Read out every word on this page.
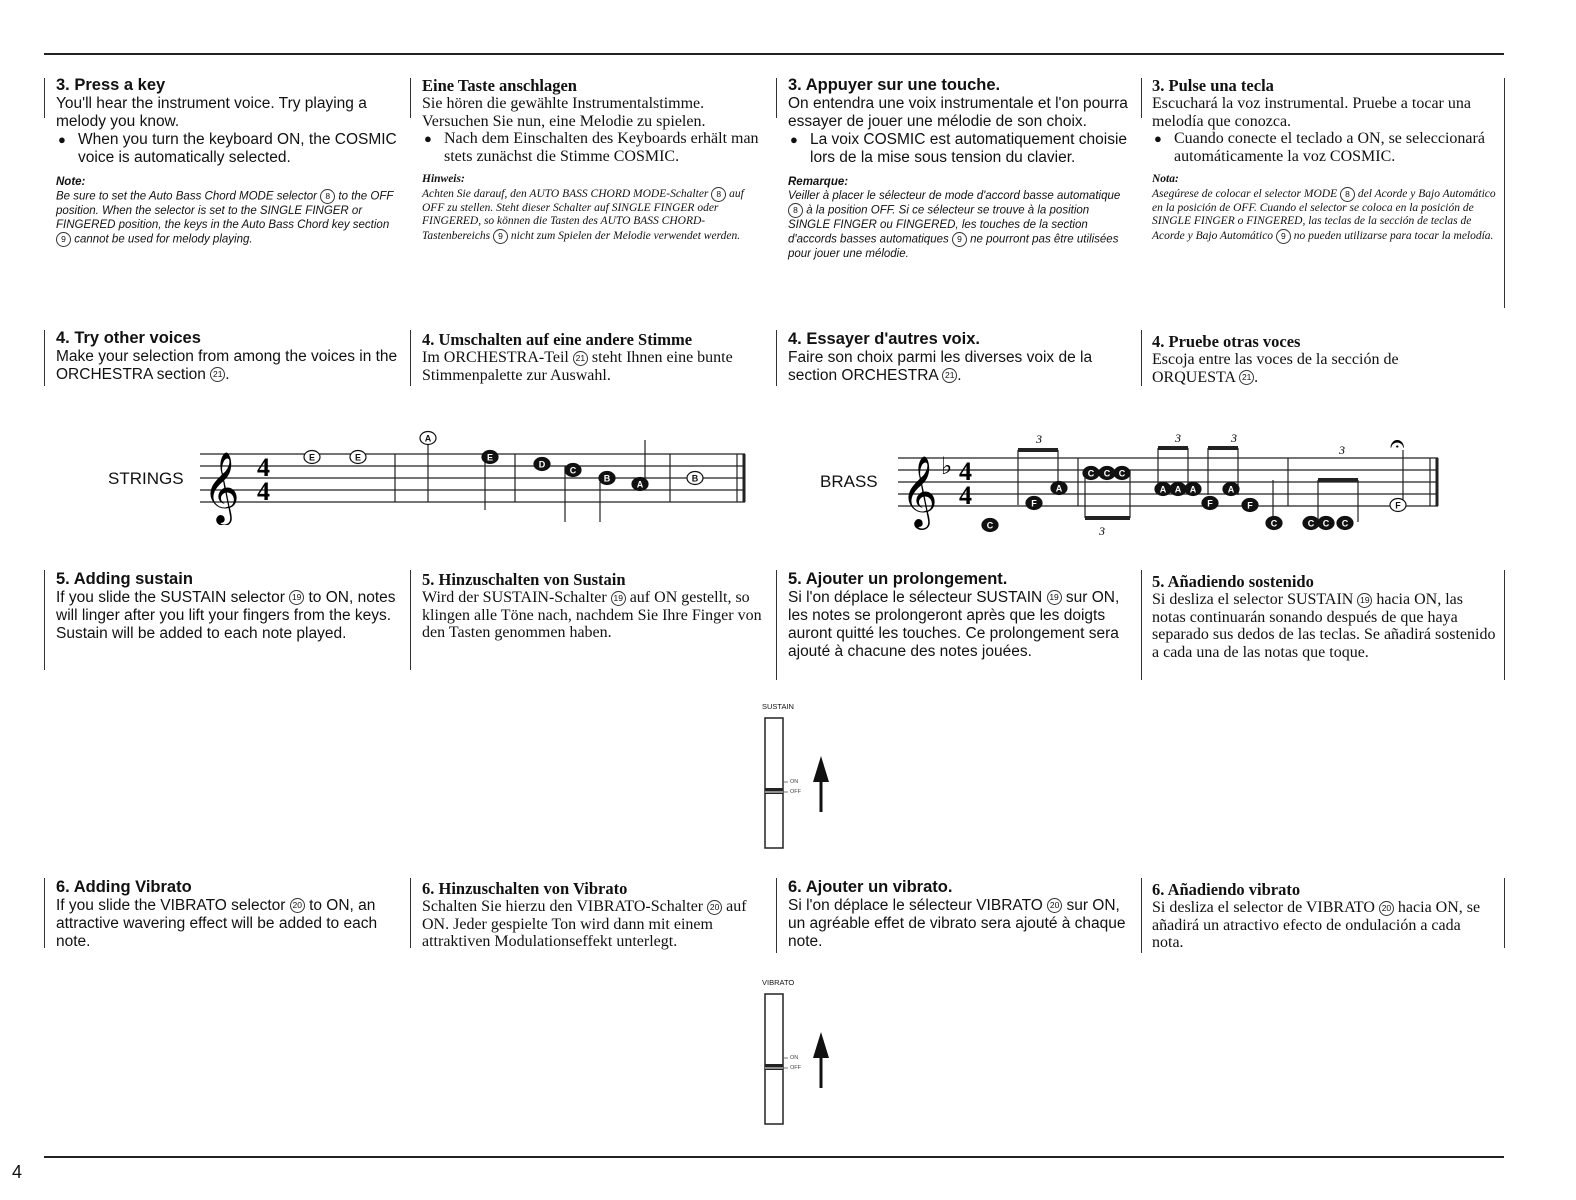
3. Press a key

You'll hear the instrument voice. Try playing a melody you know.

● When you turn the keyboard ON, the COSMIC voice is automatically selected.

Note:
Be sure to set the Auto Bass Chord MODE selector 8 to the OFF position. When the selector is set to the SINGLE FINGER or FINGERED position, the keys in the Auto Bass Chord key section 9 cannot be used for melody playing.
Eine Taste anschlagen

Sie hören die gewählte Instrumentalstimme. Versuchen Sie nun, eine Melodie zu spielen.

● Nach dem Einschalten des Keyboards erhält man stets zunächst die Stimme COSMIC.

Hinweis:
Achten Sie darauf, den AUTO BASS CHORD MODE-Schalter 8 auf OFF zu stellen. Steht dieser Schalter auf SINGLE FINGER oder FINGERED, so können die Tasten des AUTO BASS CHORD-Tastenbereichs 9 nicht zum Spielen der Melodie verwendet werden.
3. Appuyer sur une touche.

On entendra une voix instrumentale et l'on pourra essayer de jouer une mélodie de son choix.

● La voix COSMIC est automatiquement choisie lors de la mise sous tension du clavier.

Remarque:
Veiller à placer le sélecteur de mode d'accord basse automatique 8 à la position OFF. Si ce sélecteur se trouve à la position SINGLE FINGER ou FINGERED, les touches de la section d'accords basses automatiques 9 ne pourront pas être utilisées pour jouer une mélodie.
3. Pulse una tecla

Escuchará la voz instrumental. Pruebe a tocar una melodía que conozca.

● Cuando conecte el teclado a ON, se seleccionará automáticamente la voz COSMIC.

Nota:
Asegúrese de colocar el selector MODE 8 del Acorde y Bajo Automático en la posición de OFF. Cuando el selector se coloca en la posición de SINGLE FINGER o FINGERED, las teclas de la sección de teclas de Acorde y Bajo Automático 9 no pueden utilizarse para tocar la melodía.
4. Try other voices

Make your selection from among the voices in the ORCHESTRA section 21 .

4. Umschalten auf eine andere Stimme

Im ORCHESTRA-Teil 21 steht Ihnen eine bunte Stimmenpalette zur Auswahl.

4. Essayer d'autres voix.

Faire son choix parmi les diverses voix de la section ORCHESTRA 21 .

4. Pruebe otras voces

Escoja entre las voces de la sección de ORQUESTA 21 .

STRINGS 𝄞 4
4
E	E
A
E
D
C
B
A
B	BRASS 𝄞 ♭ 4
4
3
3
3	3
3 𝄐
C
F
A
C C C
A A A
F
A
F
C	C C C
F
5. Adding sustain

If you slide the SUSTAIN selector 19 to ON, notes will linger after you lift your fingers from the keys. Sustain will be added to each note played.

5. Hinzuschalten von Sustain

Wird der SUSTAIN-Schalter 19 auf ON gestellt, so klingen alle Töne nach, nachdem Sie Ihre Finger von den Tasten genommen haben.

5. Ajouter un prolongement.

Si l'on déplace le sélecteur SUSTAIN 19 sur ON, les notes se prolongeront après que les doigts auront quitté les touches. Ce prolongement sera ajouté à chacune des notes jouées.

5. Añadiendo sostenido

Si desliza el selector SUSTAIN 19 hacia ON, las notas continuarán sonando después de que haya separado sus dedos de las teclas. Se añadirá sostenido a cada una de las notas que toque.

SUSTAIN
ON
OFF
6. Adding Vibrato

If you slide the VIBRATO selector 20 to ON, an attractive wavering effect will be added to each note.

6. Hinzuschalten von Vibrato

Schalten Sie hierzu den VIBRATO-Schalter 20 auf ON. Jeder gespielte Ton wird dann mit einem attraktiven Modulationseffekt unterlegt.

6. Ajouter un vibrato.

Si l'on déplace le sélecteur VIBRATO 20 sur ON, un agréable effet de vibrato sera ajouté à chaque note.

6. Añadiendo vibrato

Si desliza el selector de VIBRATO 20 hacia ON, se añadirá un atractivo efecto de ondulación a cada nota.

VIBRATO
ON
OFF
4
